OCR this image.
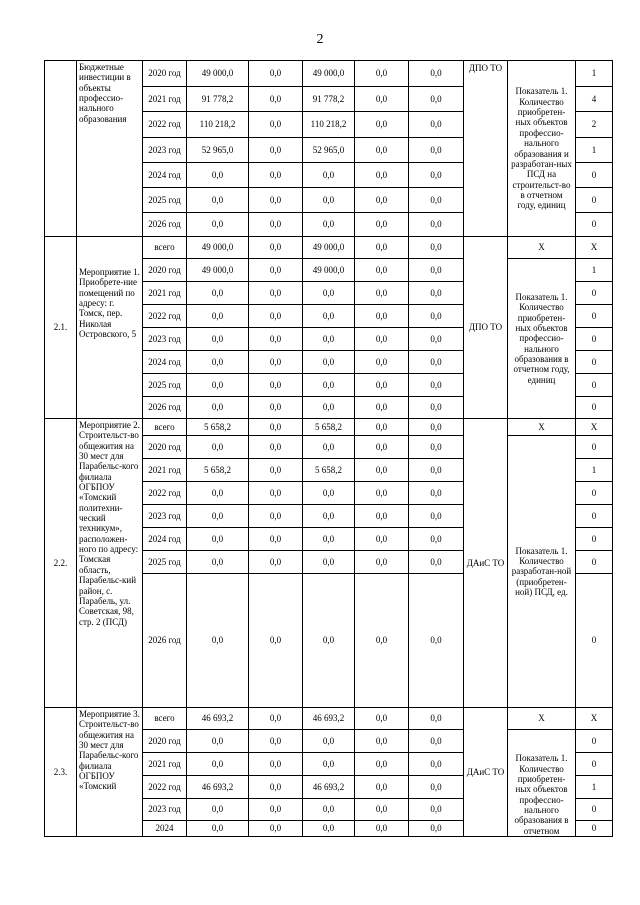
2
	Бюджетные инвестиции в объекты профессио-нального образования	2020 год	49 000,0	0,0	49 000,0	0,0	0,0	ДПО ТО	Показатель 1. Количество приобретен-ных объектов профессио-нального образования и разработан-ных ПСД на строительст-во в отчетном году, единиц	1
		2021 год	91 778,2	0,0	91 778,2	0,0	0,0			4
		2022 год	110 218,2	0,0	110 218,2	0,0	0,0			2
		2023 год	52 965,0	0,0	52 965,0	0,0	0,0			1
		2024 год	0,0	0,0	0,0	0,0	0,0			0
		2025 год	0,0	0,0	0,0	0,0	0,0			0
		2026 год	0,0	0,0	0,0	0,0	0,0			0
2.1.	Мероприятие 1. Приобрете-ние помещений по адресу: г. Томск, пер. Николая Островского, 5	всего	49 000,0	0,0	49 000,0	0,0	0,0	ДПО ТО	Х	Х
		2020 год	49 000,0	0,0	49 000,0	0,0	0,0		Показатель 1. Количество приобретен-ных объектов профессио-нального образования в отчетном году, единиц	1
		2021 год	0,0	0,0	0,0	0,0	0,0			0
		2022 год	0,0	0,0	0,0	0,0	0,0			0
		2023 год	0,0	0,0	0,0	0,0	0,0			0
		2024 год	0,0	0,0	0,0	0,0	0,0			0
		2025 год	0,0	0,0	0,0	0,0	0,0			0
		2026 год	0,0	0,0	0,0	0,0	0,0			0
2.2.	Мероприятие 2. Строительст-во общежития на 30 мест для Парабельс-кого филиала ОГБПОУ «Томский политехни-ческий техникум», расположен-ного по адресу: Томская область, Парабельс-кий район, с. Парабель, ул. Советская, 98, стр. 2 (ПСД)	всего	5 658,2	0,0	5 658,2	0,0	0,0	ДАиС ТО	Х	Х
		2020 год	0,0	0,0	0,0	0,0	0,0		Показатель 1. Количество разработан-ной (приобретен-ной) ПСД, ед.	0
		2021 год	5 658,2	0,0	5 658,2	0,0	0,0			1
		2022 год	0,0	0,0	0,0	0,0	0,0			0
		2023 год	0,0	0,0	0,0	0,0	0,0			0
		2024 год	0,0	0,0	0,0	0,0	0,0			0
		2025 год	0,0	0,0	0,0	0,0	0,0			0
		2026 год	0,0	0,0	0,0	0,0	0,0			0
2.3.	Мероприятие 3. Строительст-во общежития на 30 мест для Парабельс-кого филиала ОГБПОУ «Томский	всего	46 693,2	0,0	46 693,2	0,0	0,0	ДАиС ТО	Х	Х
		2020 год	0,0	0,0	0,0	0,0	0,0		Показатель 1. Количество приобретен-ных объектов профессио-нального образования в отчетном	0
		2021 год	0,0	0,0	0,0	0,0	0,0			0
		2022 год	46 693,2	0,0	46 693,2	0,0	0,0			1
		2023 год	0,0	0,0	0,0	0,0	0,0			0
		2024	0,0	0,0	0,0	0,0	0,0			0
